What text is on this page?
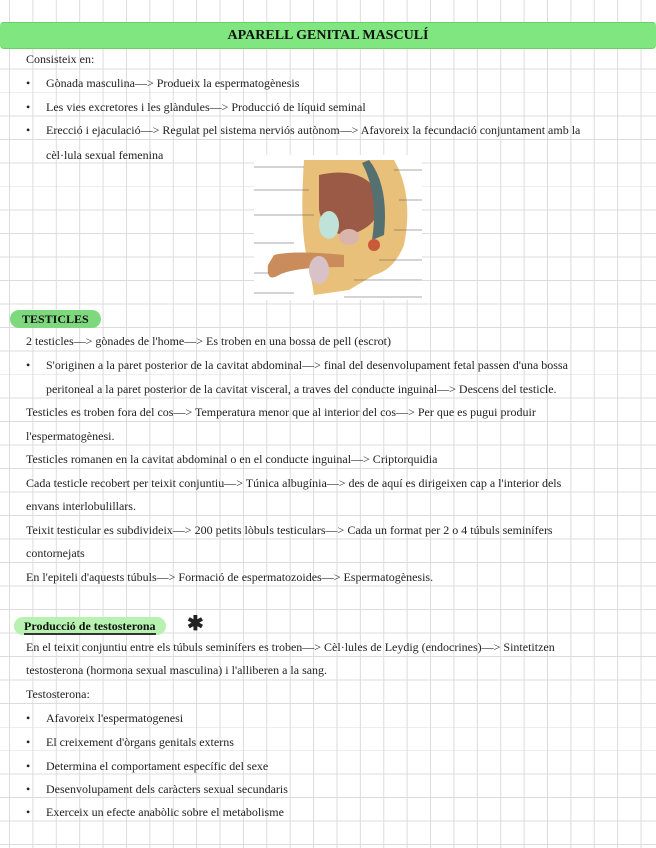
APARELL GENITAL MASCULÍ
Consisteix en:
• Gònada masculina—> Produeix la espermatogènesis
• Les vies excretores i les glàndules—> Producció de líquid seminal
• Erecció i ejaculació—> Regulat pel sistema nerviós autònom—> Afavoreix la fecundació conjuntament amb la
cèl·lula sexual femenina
TESTICLES
2 testicles—> gònades de l'home—> Es troben en una bossa de pell (escrot)
• S'originen a la paret posterior de la cavitat abdominal—> final del desenvolupament fetal passen d'una bossa
peritoneal a la paret posterior de la cavitat visceral, a traves del conducte inguinal—> Descens del testicle.
Testicles es troben fora del cos—> Temperatura menor que al interior del cos—> Per que es pugui produir
l'espermatogènesi.
Testicles romanen en la cavitat abdominal o en el conducte inguinal—> Criptorquidia
Cada testicle recobert per teixit conjuntiu—> Túnica albugínia—> des de aquí es dirigeixen cap a l'interior dels
envans interlobulillars.
Teixit testicular es subdivideix—> 200 petits lòbuls testiculars—> Cada un format per 2 o 4 túbuls seminífers
contornejats
En l'epiteli d'aquests túbuls—> Formació de espermatozoides—> Espermatogènesis.
Producció de testosterona	✱
En el teixit conjuntiu entre els túbuls seminífers es troben—> Cèl·lules de Leydig (endocrines)—> Sintetitzen
testosterona (hormona sexual masculina) i l'alliberen a la sang.
Testosterona:
• Afavoreix l'espermatogenesi
• El creixement d'òrgans genitals externs
• Determina el comportament específic del sexe
• Desenvolupament dels caràcters sexual secundaris
• Exerceix un efecte anabòlic sobre el metabolisme
